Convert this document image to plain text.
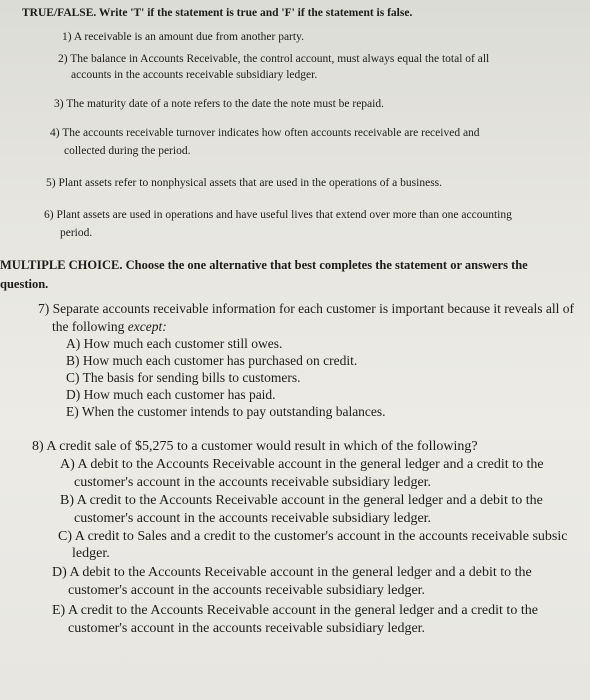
TRUE/FALSE. Write 'T' if the statement is true and 'F' if the statement is false.
1) A receivable is an amount due from another party.
2) The balance in Accounts Receivable, the control account, must always equal the total of all
accounts in the accounts receivable subsidiary ledger.
3) The maturity date of a note refers to the date the note must be repaid.
4) The accounts receivable turnover indicates how often accounts receivable are received and
collected during the period.
5) Plant assets refer to nonphysical assets that are used in the operations of a business.
6) Plant assets are used in operations and have useful lives that extend over more than one accounting
period.
MULTIPLE CHOICE. Choose the one alternative that best completes the statement or answers the
question.
7) Separate accounts receivable information for each customer is important because it reveals all of
the following except:
A) How much each customer still owes.
B) How much each customer has purchased on credit.
C) The basis for sending bills to customers.
D) How much each customer has paid.
E) When the customer intends to pay outstanding balances.
8) A credit sale of $5,275 to a customer would result in which of the following?
A) A debit to the Accounts Receivable account in the general ledger and a credit to the
customer's account in the accounts receivable subsidiary ledger.
B) A credit to the Accounts Receivable account in the general ledger and a debit to the
customer's account in the accounts receivable subsidiary ledger.
C) A credit to Sales and a credit to the customer's account in the accounts receivable subsic
ledger.
D) A debit to the Accounts Receivable account in the general ledger and a debit to the
customer's account in the accounts receivable subsidiary ledger.
E) A credit to the Accounts Receivable account in the general ledger and a credit to the
customer's account in the accounts receivable subsidiary ledger.
